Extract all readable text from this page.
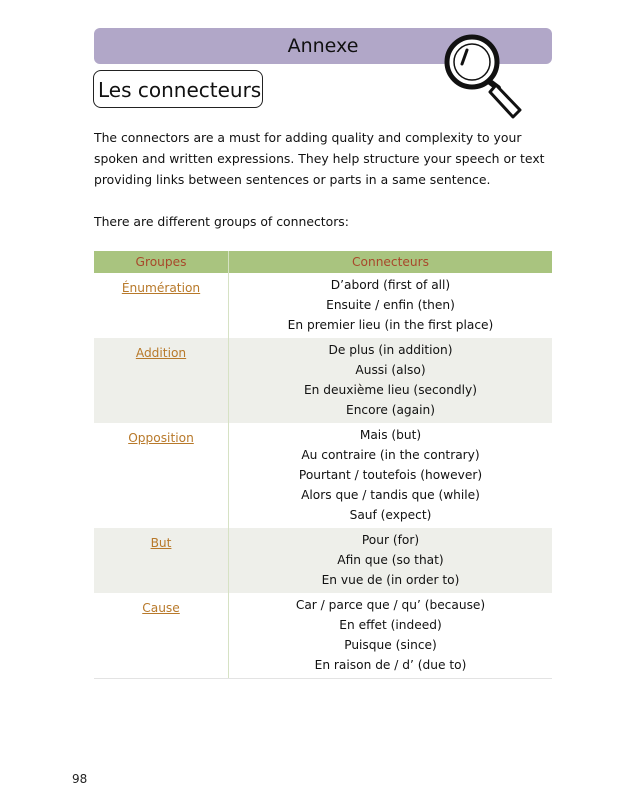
Annexe
Les connecteurs

The connectors are a must for adding quality and complexity to your spoken and written expressions. They help structure your speech or text providing links between sentences or parts in a same sentence.

There are different groups of connectors:

Groupes	Connecteurs
Énumération	D’abord (first of all)
Ensuite / enfin (then)
En premier lieu (in the first place)
Addition	De plus (in addition)
Aussi (also)
En deuxième lieu (secondly)
Encore (again)
Opposition	Mais (but)
Au contraire (in the contrary)
Pourtant / toutefois (however)
Alors que / tandis que (while)
Sauf (expect)
But	Pour (for)
Afin que (so that)
En vue de (in order to)
Cause	Car / parce que / qu’ (because)
En effet (indeed)
Puisque (since)
En raison de / d’ (due to)
98
